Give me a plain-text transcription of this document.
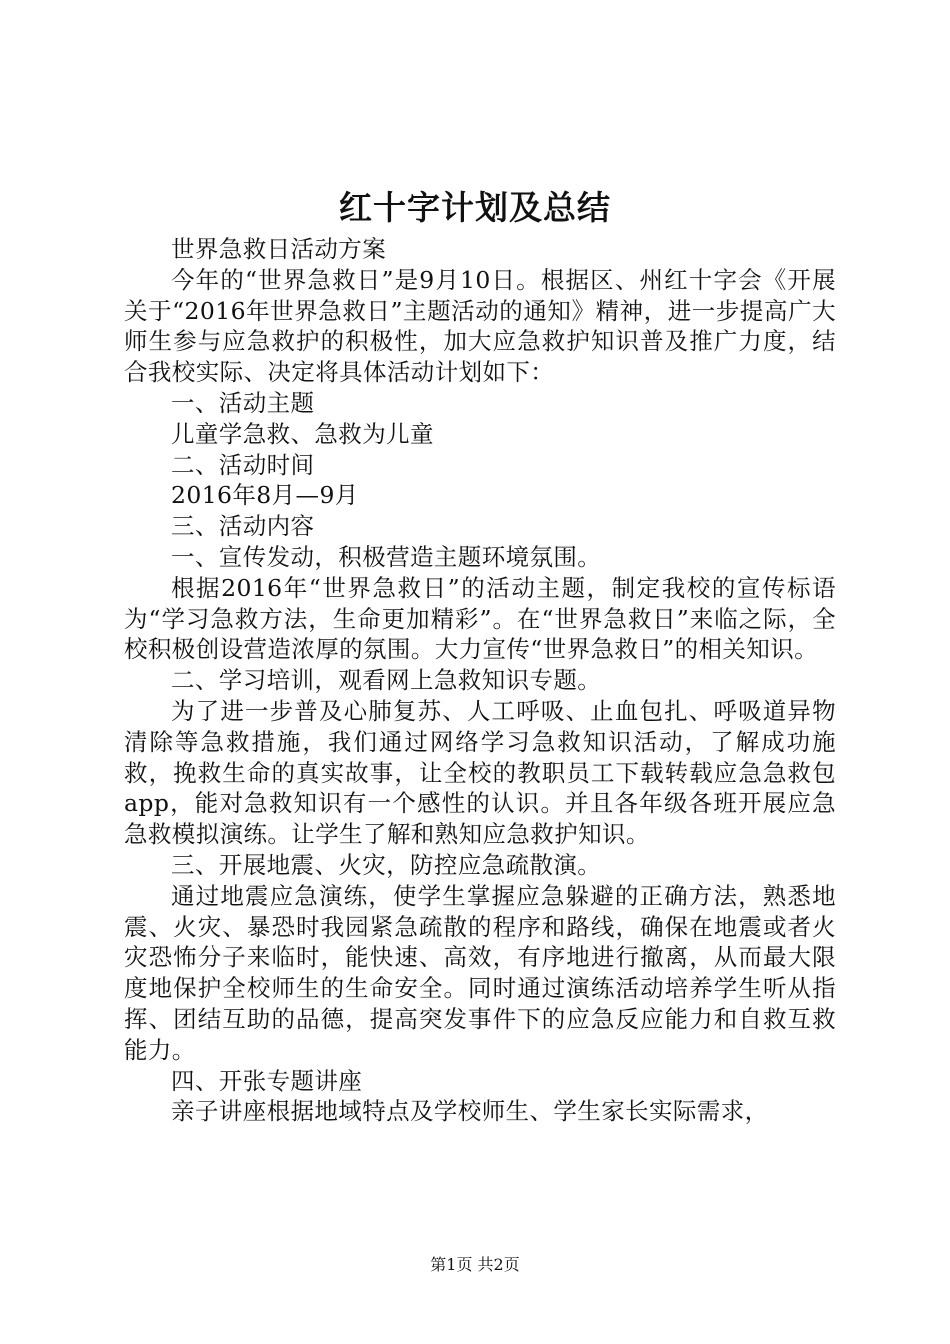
红十字计划及总结

世界急救日活动方案

今年的“世界急救日”是9月10日。根据区、州红十字会《开展关于“2016年世界急救日”主题活动的通知》精神，进一步提高广大师生参与应急救护的积极性，加大应急救护知识普及推广力度，结合我校实际、决定将具体活动计划如下：

一、活动主题

儿童学急救、急救为儿童

二、活动时间

2016年8月—9月

三、活动内容

一、宣传发动，积极营造主题环境氛围。

根据2016年“世界急救日”的活动主题，制定我校的宣传标语为“学习急救方法，生命更加精彩”。在“世界急救日”来临之际，全校积极创设营造浓厚的氛围。大力宣传“世界急救日”的相关知识。

二、学习培训，观看网上急救知识专题。

为了进一步普及心肺复苏、人工呼吸、止血包扎、呼吸道异物清除等急救措施，我们通过网络学习急救知识活动，了解成功施救，挽救生命的真实故事，让全校的教职员工下载转载应急急救包app，能对急救知识有一个感性的认识。并且各年级各班开展应急急救模拟演练。让学生了解和熟知应急救护知识。

三、开展地震、火灾，防控应急疏散演。

通过地震应急演练，使学生掌握应急躲避的正确方法，熟悉地震、火灾、暴恐时我园紧急疏散的程序和路线，确保在地震或者火灾恐怖分子来临时，能快速、高效，有序地进行撤离，从而最大限度地保护全校师生的生命安全。同时通过演练活动培养学生听从指挥、团结互助的品德，提高突发事件下的应急反应能力和自救互救能力。

四、开张专题讲座

亲子讲座根据地域特点及学校师生、学生家长实际需求，

第1页 共2页
